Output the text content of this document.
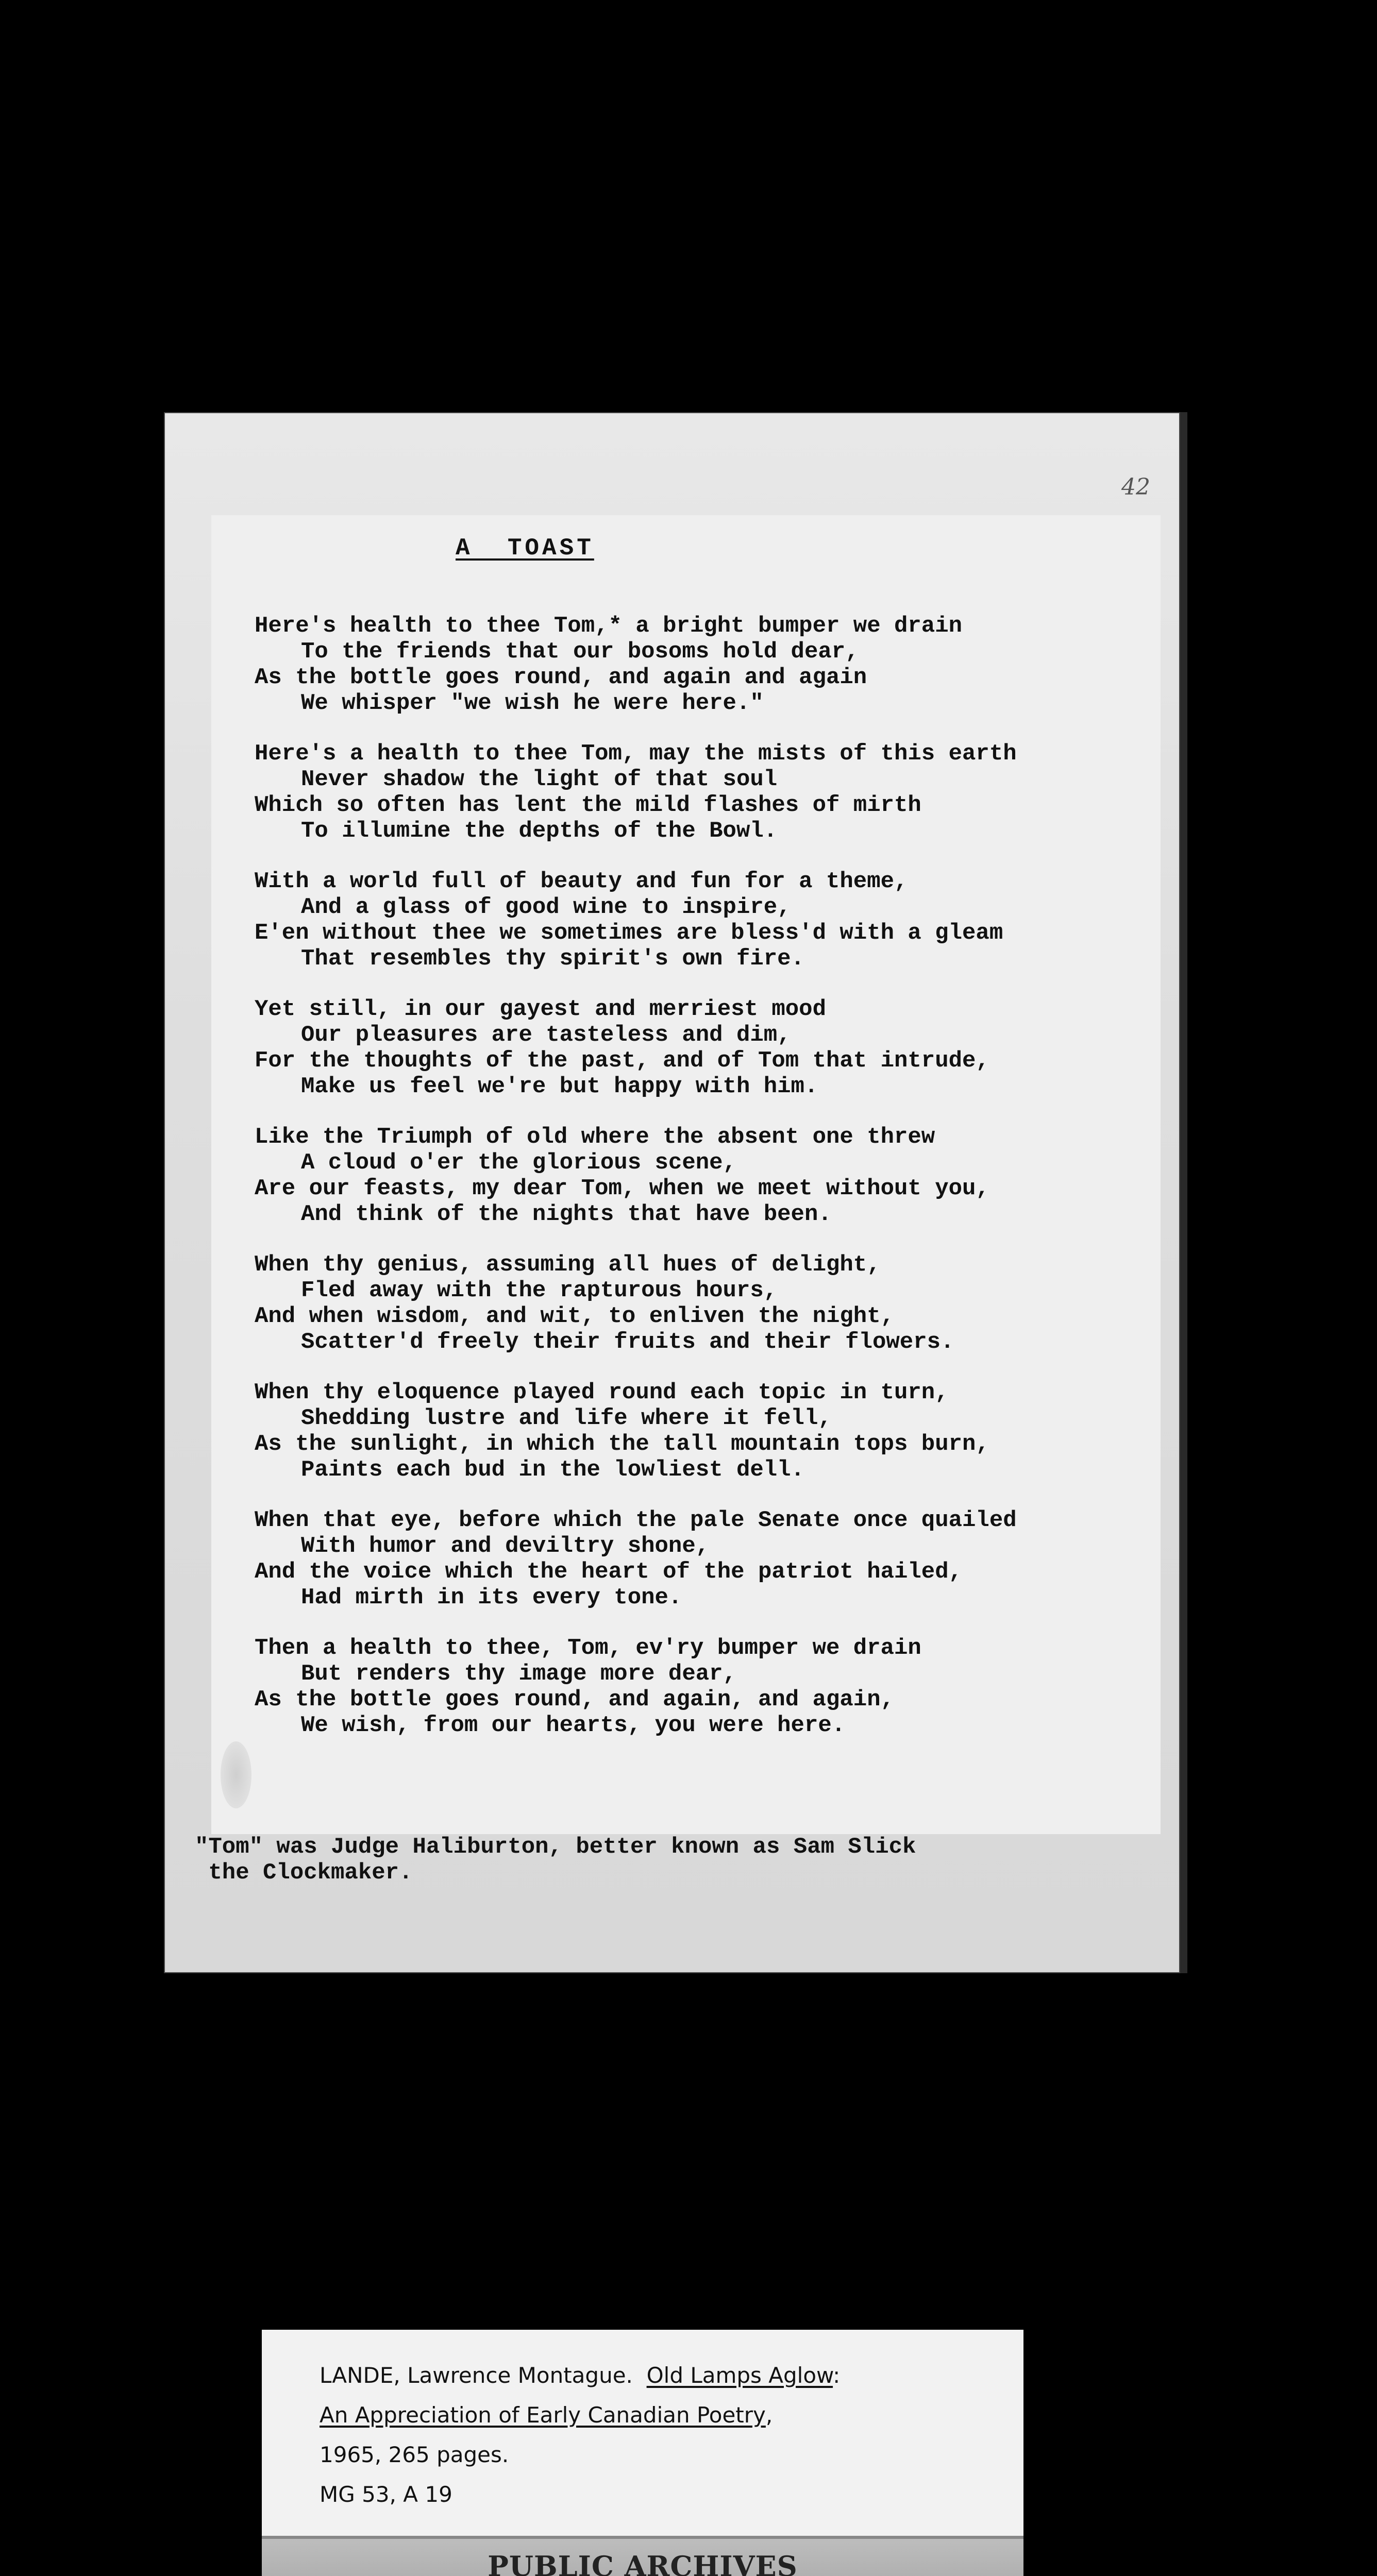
42
A  TOAST
Here's health to thee Tom,* a bright bumper we drain
To the friends that our bosoms hold dear,
As the bottle goes round, and again and again
We whisper "we wish he were here."
Here's a health to thee Tom, may the mists of this earth
Never shadow the light of that soul
Which so often has lent the mild flashes of mirth
To illumine the depths of the Bowl.
With a world full of beauty and fun for a theme,
And a glass of good wine to inspire,
E'en without thee we sometimes are bless'd with a gleam
That resembles thy spirit's own fire.
Yet still, in our gayest and merriest mood
Our pleasures are tasteless and dim,
For the thoughts of the past, and of Tom that intrude,
Make us feel we're but happy with him.
Like the Triumph of old where the absent one threw
A cloud o'er the glorious scene,
Are our feasts, my dear Tom, when we meet without you,
And think of the nights that have been.
When thy genius, assuming all hues of delight,
Fled away with the rapturous hours,
And when wisdom, and wit, to enliven the night,
Scatter'd freely their fruits and their flowers.
When thy eloquence played round each topic in turn,
Shedding lustre and life where it fell,
As the sunlight, in which the tall mountain tops burn,
Paints each bud in the lowliest dell.
When that eye, before which the pale Senate once quailed
With humor and deviltry shone,
And the voice which the heart of the patriot hailed,
Had mirth in its every tone.
Then a health to thee, Tom, ev'ry bumper we drain
But renders thy image more dear,
As the bottle goes round, and again, and again,
We wish, from our hearts, you were here.
"Tom" was Judge Haliburton, better known as Sam Slick
the Clockmaker.
LANDE, Lawrence Montague.  Old Lamps Aglow:
An Appreciation of Early Canadian Poetry,
1965, 265 pages.
MG 53, A 19
PUBLIC ARCHIVES
